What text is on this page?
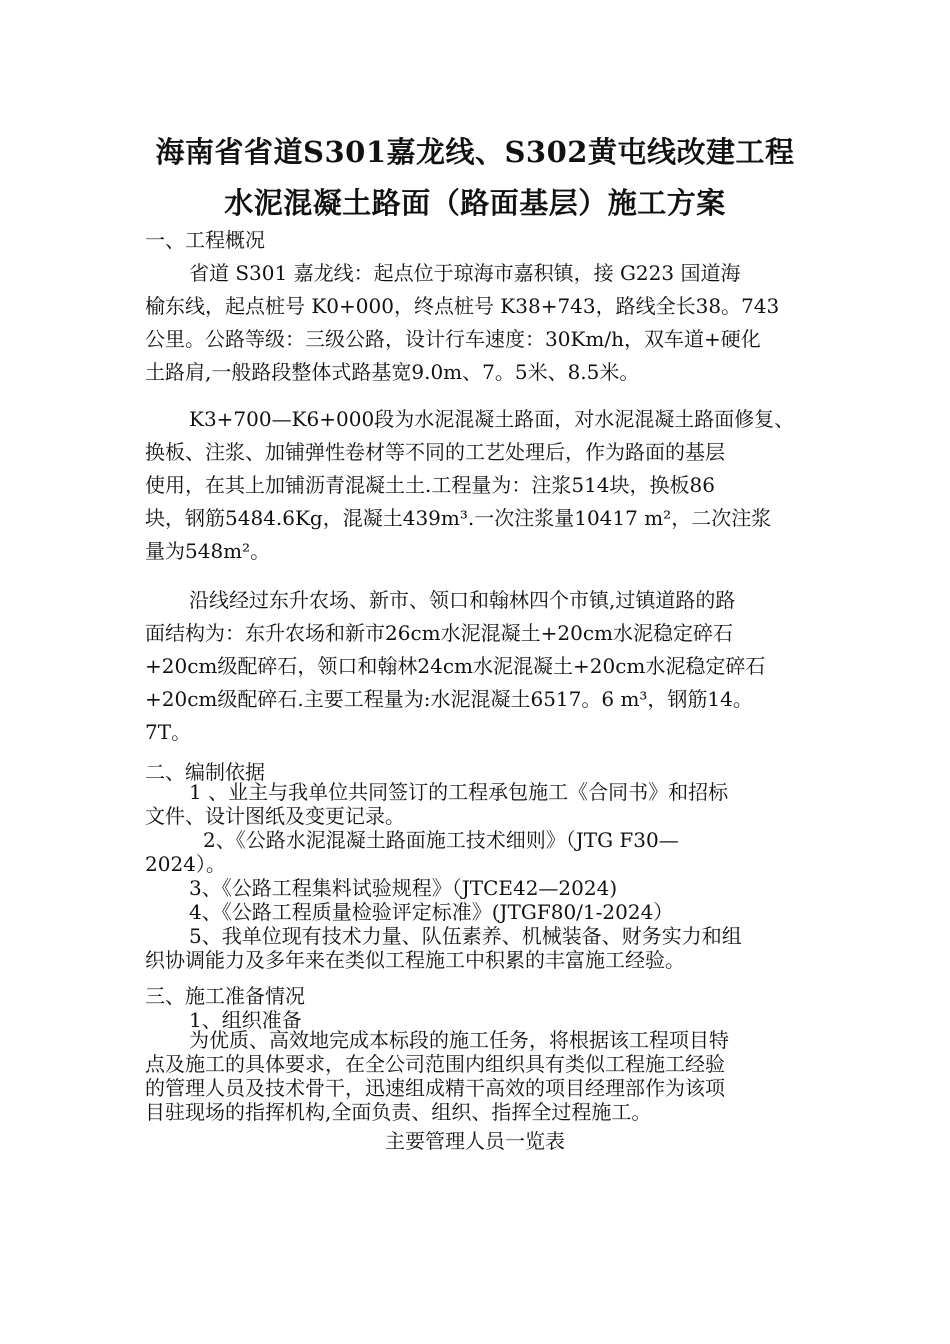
海南省省道S301嘉龙线、S302黄屯线改建工程
水泥混凝土路面（路面基层）施工方案
一、工程概况
省道 S301 嘉龙线：起点位于琼海市嘉积镇，接 G223 国道海
榆东线，起点桩号 K0+000，终点桩号 K38+743，路线全长38。743
公里。公路等级：三级公路，设计行车速度：30Km/h，双车道+硬化
土路肩,一般路段整体式路基宽9.0m、7。5米、8.5米。
K3+700—K6+000段为水泥混凝土路面，对水泥混凝土路面修复、
换板、注浆、加铺弹性卷材等不同的工艺处理后，作为路面的基层
使用，在其上加铺沥青混凝土土.工程量为：注浆514块，换板86
块，钢筋5484.6Kg，混凝土439m³.一次注浆量10417 m²，二次注浆
量为548m²。
沿线经过东升农场、新市、领口和翰林四个市镇,过镇道路的路
面结构为：东升农场和新市26cm水泥混凝土+20cm水泥稳定碎石
+20cm级配碎石，领口和翰林24cm水泥混凝土+20cm水泥稳定碎石
+20cm级配碎石.主要工程量为:水泥混凝土6517。6 m³，钢筋14。
7T。
二、编制依据
1 、业主与我单位共同签订的工程承包施工《合同书》和招标
文件、设计图纸及变更记录。
2、《公路水泥混凝土路面施工技术细则》（JTG F30—
2024）。
3、《公路工程集料试验规程》（JTCE42—2024)
4、《公路工程质量检验评定标准》(JTGF80/1-2024）
5、我单位现有技术力量、队伍素养、机械装备、财务实力和组
织协调能力及多年来在类似工程施工中积累的丰富施工经验。
三、施工准备情况
1、组织准备
为优质、高效地完成本标段的施工任务，将根据该工程项目特
点及施工的具体要求，在全公司范围内组织具有类似工程施工经验
的管理人员及技术骨干，迅速组成精干高效的项目经理部作为该项
目驻现场的指挥机构,全面负责、组织、指挥全过程施工。
主要管理人员一览表
